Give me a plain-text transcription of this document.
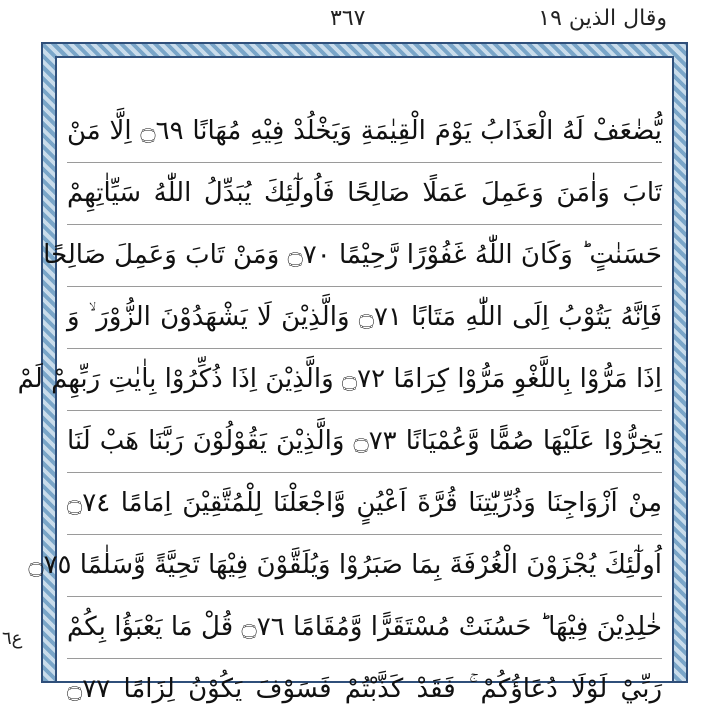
وقال الذين ١٩
٣٦٧
يُّضٰعَفْ لَهُ الْعَذَابُ يَوْمَ الْقِيٰمَةِ وَيَخْلُدْ فِيْهِ مُهَانًا ۝٦٩ اِلَّا مَنْ
تَابَ وَاٰمَنَ وَعَمِلَ عَمَلًا صَالِحًا فَاُولٰٓئِكَ يُبَدِّلُ اللّٰهُ سَيِّاٰتِهِمْ
حَسَنٰتٍ ؕ وَكَانَ اللّٰهُ غَفُوْرًا رَّحِيْمًا ۝٧٠ وَمَنْ تَابَ وَعَمِلَ صَالِحًا
فَاِنَّهُ يَتُوْبُ اِلَى اللّٰهِ مَتَابًا ۝٧١ وَالَّذِيْنَ لَا يَشْهَدُوْنَ الزُّوْرَ ۙ وَ
اِذَا مَرُّوْا بِاللَّغْوِ مَرُّوْا كِرَامًا ۝٧٢ وَالَّذِيْنَ اِذَا ذُكِّرُوْا بِاٰيٰتِ رَبِّهِمْ لَمْ
يَخِرُّوْا عَلَيْهَا صُمًّا وَّعُمْيَانًا ۝٧٣ وَالَّذِيْنَ يَقُوْلُوْنَ رَبَّنَا هَبْ لَنَا
مِنْ اَزْوَاجِنَا وَذُرِّيّٰتِنَا قُرَّةَ اَعْيُنٍ وَّاجْعَلْنَا لِلْمُتَّقِيْنَ اِمَامًا ۝٧٤
اُولٰٓئِكَ يُجْزَوْنَ الْغُرْفَةَ بِمَا صَبَرُوْا وَيُلَقَّوْنَ فِيْهَا تَحِيَّةً وَّسَلٰمًا ۝٧٥
خٰلِدِيْنَ فِيْهَا ؕ حَسُنَتْ مُسْتَقَرًّا وَّمُقَامًا ۝٧٦ قُلْ مَا يَعْبَؤُا بِكُمْ
رَبِّيْ لَوْلَا دُعَاؤُكُمْ ۚ فَقَدْ كَذَّبْتُمْ فَسَوْفَ يَكُوْنُ لِزَامًا ۝٧٧
ع٦
